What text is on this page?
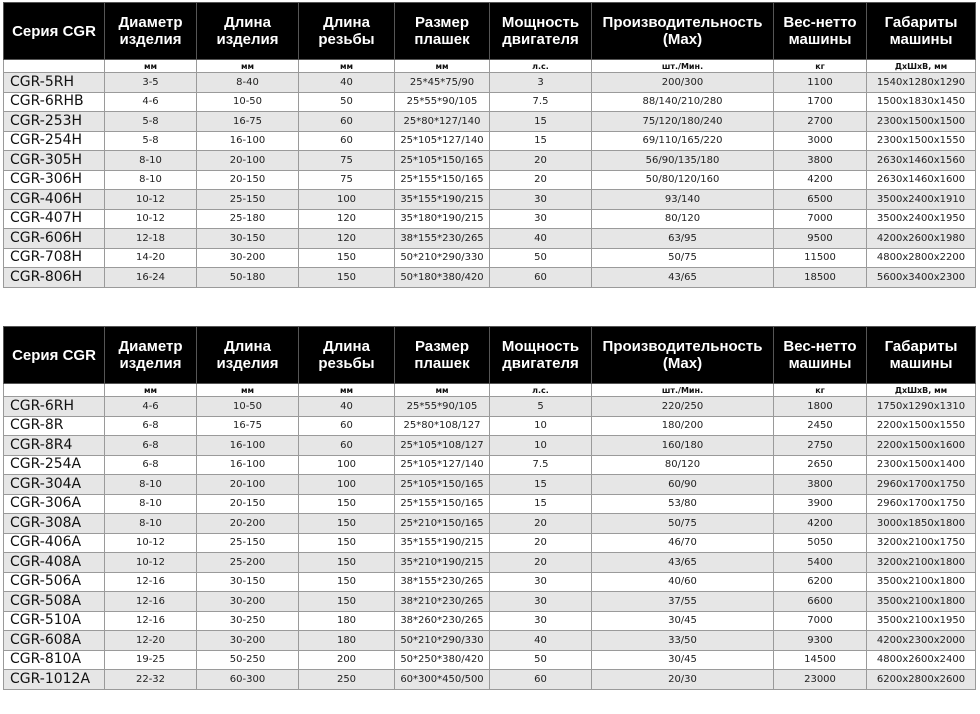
Серия CGR	Диаметр изделия	Длина изделия	Длина резьбы	Размер плашек	Мощность двигателя	Производительность (Max)	Вес-нетто машины	Габариты машины
	мм	мм	мм	мм	л.с.	шт./Мин.	кг	ДхШхВ, мм
CGR-5RH	3-5	8-40	40	25*45*75/90	3	200/300	1100	1540x1280x1290
CGR-6RHB	4-6	10-50	50	25*55*90/105	7.5	88/140/210/280	1700	1500x1830x1450
CGR-253H	5-8	16-75	60	25*80*127/140	15	75/120/180/240	2700	2300x1500x1500
CGR-254H	5-8	16-100	60	25*105*127/140	15	69/110/165/220	3000	2300x1500x1550
CGR-305H	8-10	20-100	75	25*105*150/165	20	56/90/135/180	3800	2630x1460x1560
CGR-306H	8-10	20-150	75	25*155*150/165	20	50/80/120/160	4200	2630x1460x1600
CGR-406H	10-12	25-150	100	35*155*190/215	30	93/140	6500	3500x2400x1910
CGR-407H	10-12	25-180	120	35*180*190/215	30	80/120	7000	3500x2400x1950
CGR-606H	12-18	30-150	120	38*155*230/265	40	63/95	9500	4200x2600x1980
CGR-708H	14-20	30-200	150	50*210*290/330	50	50/75	11500	4800x2800x2200
CGR-806H	16-24	50-180	150	50*180*380/420	60	43/65	18500	5600x3400x2300
Серия CGR	Диаметр изделия	Длина изделия	Длина резьбы	Размер плашек	Мощность двигателя	Производительность (Max)	Вес-нетто машины	Габариты машины
	мм	мм	мм	мм	л.с.	шт./Мин.	кг	ДхШхВ, мм
CGR-6RH	4-6	10-50	40	25*55*90/105	5	220/250	1800	1750x1290x1310
CGR-8R	6-8	16-75	60	25*80*108/127	10	180/200	2450	2200x1500x1550
CGR-8R4	6-8	16-100	60	25*105*108/127	10	160/180	2750	2200x1500x1600
CGR-254A	6-8	16-100	100	25*105*127/140	7.5	80/120	2650	2300x1500x1400
CGR-304A	8-10	20-100	100	25*105*150/165	15	60/90	3800	2960x1700x1750
CGR-306A	8-10	20-150	150	25*155*150/165	15	53/80	3900	2960x1700x1750
CGR-308A	8-10	20-200	150	25*210*150/165	20	50/75	4200	3000x1850x1800
CGR-406A	10-12	25-150	150	35*155*190/215	20	46/70	5050	3200x2100x1750
CGR-408A	10-12	25-200	150	35*210*190/215	20	43/65	5400	3200x2100x1800
CGR-506A	12-16	30-150	150	38*155*230/265	30	40/60	6200	3500x2100x1800
CGR-508A	12-16	30-200	150	38*210*230/265	30	37/55	6600	3500x2100x1800
CGR-510A	12-16	30-250	180	38*260*230/265	30	30/45	7000	3500x2100x1950
CGR-608A	12-20	30-200	180	50*210*290/330	40	33/50	9300	4200x2300x2000
CGR-810A	19-25	50-250	200	50*250*380/420	50	30/45	14500	4800x2600x2400
CGR-1012A	22-32	60-300	250	60*300*450/500	60	20/30	23000	6200x2800x2600
